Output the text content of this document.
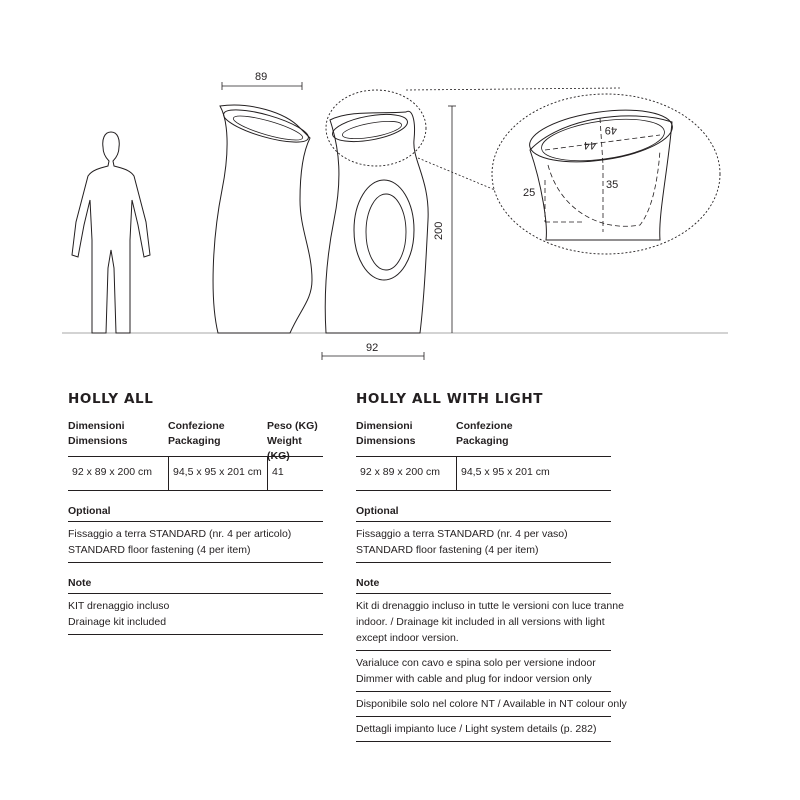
89
200
92
49
44
35
25
HOLLY ALL
Dimensioni
Dimensions
Confezione
Packaging
Peso (KG)
Weight (KG)
92 x 89 x 200 cm	94,5 x 95 x 201 cm 41
Optional
Fissaggio a terra STANDARD (nr. 4 per articolo)
STANDARD floor fastening (4 per item)
Note
KIT drenaggio incluso
Drainage kit included
HOLLY ALL WITH LIGHT
Dimensioni
Dimensions
Confezione
Packaging
92 x 89 x 200 cm	94,5 x 95 x 201 cm
Optional
Fissaggio a terra STANDARD (nr. 4 per vaso)
STANDARD floor fastening (4 per item)
Note
Kit di drenaggio incluso in tutte le versioni con luce tranne
indoor. / Drainage kit included in all versions with light
except indoor version.
Varialuce con cavo e spina solo per versione indoor
Dimmer with cable and plug for indoor version only
Disponibile solo nel colore NT / Available in NT colour only
Dettagli impianto luce / Light system details (p. 282)
